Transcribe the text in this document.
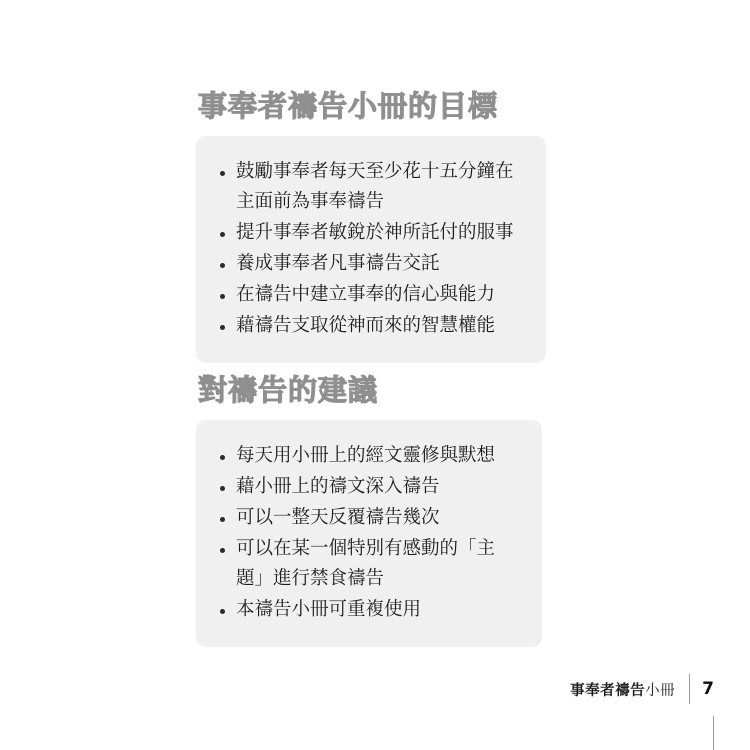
事奉者禱告小冊的目標
鼓勵事奉者每天至少花十五分鐘在主面前為事奉禱告
提升事奉者敏銳於神所託付的服事
養成事奉者凡事禱告交託
在禱告中建立事奉的信心與能力
藉禱告支取從神而來的智慧權能
對禱告的建議
每天用小冊上的經文靈修與默想
藉小冊上的禱文深入禱告
可以一整天反覆禱告幾次
可以在某一個特別有感動的「主題」進行禁食禱告
本禱告小冊可重複使用
事奉者禱告小冊 7
